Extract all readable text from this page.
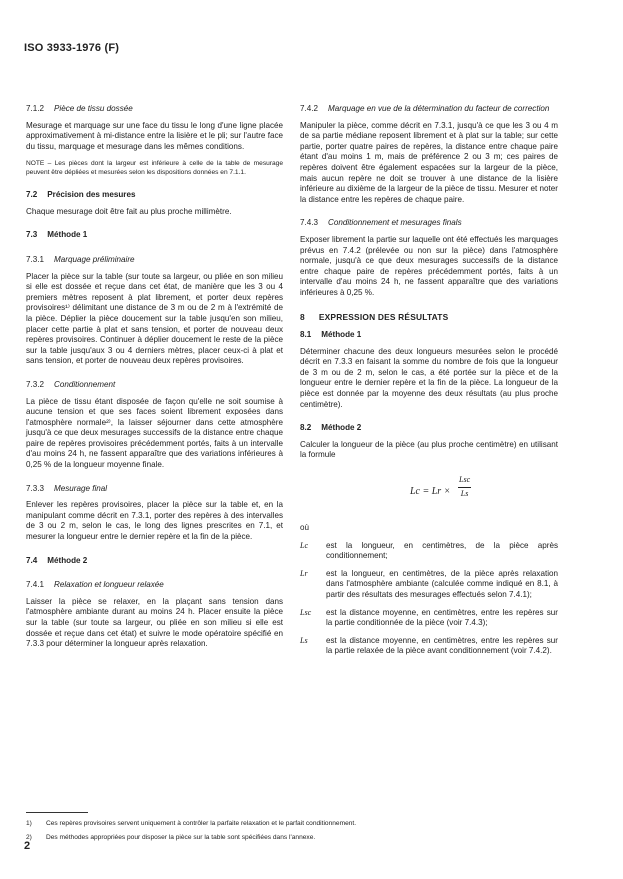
ISO 3933-1976 (F)
7.1.2 Pièce de tissu dossée

Mesurage et marquage sur une face du tissu le long d'une ligne placée approximativement à mi-distance entre la lisière et le pli; sur l'autre face du tissu, marquage et mesurage dans les mêmes conditions.

NOTE – Les pièces dont la largeur est inférieure à celle de la table de mesurage peuvent être dépliées et mesurées selon les dispositions données en 7.1.1.

7.2 Précision des mesures

Chaque mesurage doit être fait au plus proche millimètre.

7.3 Méthode 1
7.3.1 Marquage préliminaire

Placer la pièce sur la table (sur toute sa largeur, ou pliée en son milieu si elle est dossée et reçue dans cet état, de manière que les 3 ou 4 premiers mètres reposent à plat librement, et porter deux repères provisoires¹⁾ délimitant une distance de 3 m ou de 2 m à l'extrémité de la pièce. Déplier la pièce doucement sur la table jusqu'en son milieu, placer cette partie à plat et sans tension, et porter de nouveau deux repères provisoires. Continuer à déplier doucement le reste de la pièce sur la table jusqu'aux 3 ou 4 derniers mètres, placer ceux-ci à plat et sans tension, et porter de nouveau deux repères provisoires.

7.3.2 Conditionnement

La pièce de tissu étant disposée de façon qu'elle ne soit soumise à aucune tension et que ses faces soient librement exposées dans l'atmosphère normale²⁾, la laisser séjourner dans cette atmosphère jusqu'à ce que deux mesurages successifs de la distance entre chaque paire de repères provisoires précédemment portés, faits à un intervalle d'au moins 24 h, ne fassent apparaître que des variations inférieures à 0,25 % de la longueur moyenne finale.

7.3.3 Mesurage final

Enlever les repères provisoires, placer la pièce sur la table et, en la manipulant comme décrit en 7.3.1, porter des repères à des intervalles de 3 ou 2 m, selon le cas, le long des lignes prescrites en 7.1, et mesurer la longueur entre le dernier repère et la fin de la pièce.

7.4 Méthode 2
7.4.1 Relaxation et longueur relaxée

Laisser la pièce se relaxer, en la plaçant sans tension dans l'atmosphère ambiante durant au moins 24 h. Placer ensuite la pièce sur la table (sur toute sa largeur, ou pliée en son milieu si elle est dossée et reçue dans cet état) et suivre le mode opératoire spécifié en 7.3.3 pour déterminer la longueur après relaxation.

7.4.2 Marquage en vue de la détermination du facteur de correction

Manipuler la pièce, comme décrit en 7.3.1, jusqu'à ce que les 3 ou 4 m de sa partie médiane reposent librement et à plat sur la table; sur cette partie, porter quatre paires de repères, la distance entre chaque paire étant d'au moins 1 m, mais de préférence 2 ou 3 m; ces paires de repères doivent être également espacées sur la largeur de la pièce, mais aucun repère ne doit se trouver à une distance de la lisière inférieure au dixième de la largeur de la pièce de tissu. Mesurer et noter la distance entre les repères de chaque paire.

7.4.3 Conditionnement et mesurages finals

Exposer librement la partie sur laquelle ont été effectués les marquages prévus en 7.4.2 (prélevée ou non sur la pièce) dans l'atmosphère normale, jusqu'à ce que deux mesurages successifs de la distance entre chaque paire de repères précédemment portés, faits à un intervalle d'au moins 24 h, ne fassent apparaître que des variations inférieures à 0,25 %.

8 EXPRESSION DES RÉSULTATS
8.1 Méthode 1

Déterminer chacune des deux longueurs mesurées selon le procédé décrit en 7.3.3 en faisant la somme du nombre de fois que la longueur de 3 m ou de 2 m, selon le cas, a été portée sur la pièce et de la longueur entre le dernier repère et la fin de la pièce. La longueur de la pièce est donnée par la moyenne des deux résultats (au plus proche centimètre).

8.2 Méthode 2

Calculer la longueur de la pièce (au plus proche centimètre) en utilisant la formule

Lc = Lr ×
Lsc
Ls

où

Lc est la longueur, en centimètres, de la pièce après conditionnement;
Lr est la longueur, en centimètres, de la pièce après relaxation dans l'atmosphère ambiante (calculée comme indiqué en 8.1, à partir des résultats des mesurages effectués selon 7.4.1);
Lsc est la distance moyenne, en centimètres, entre les repères sur la partie conditionnée de la pièce (voir 7.4.3);
Ls est la distance moyenne, en centimètres, entre les repères sur la partie relaxée de la pièce avant conditionnement (voir 7.4.2).
1) Ces repères provisoires servent uniquement à contrôler la parfaite relaxation et le parfait conditionnement.
2) Des méthodes appropriées pour disposer la pièce sur la table sont spécifiées dans l'annexe.
2
